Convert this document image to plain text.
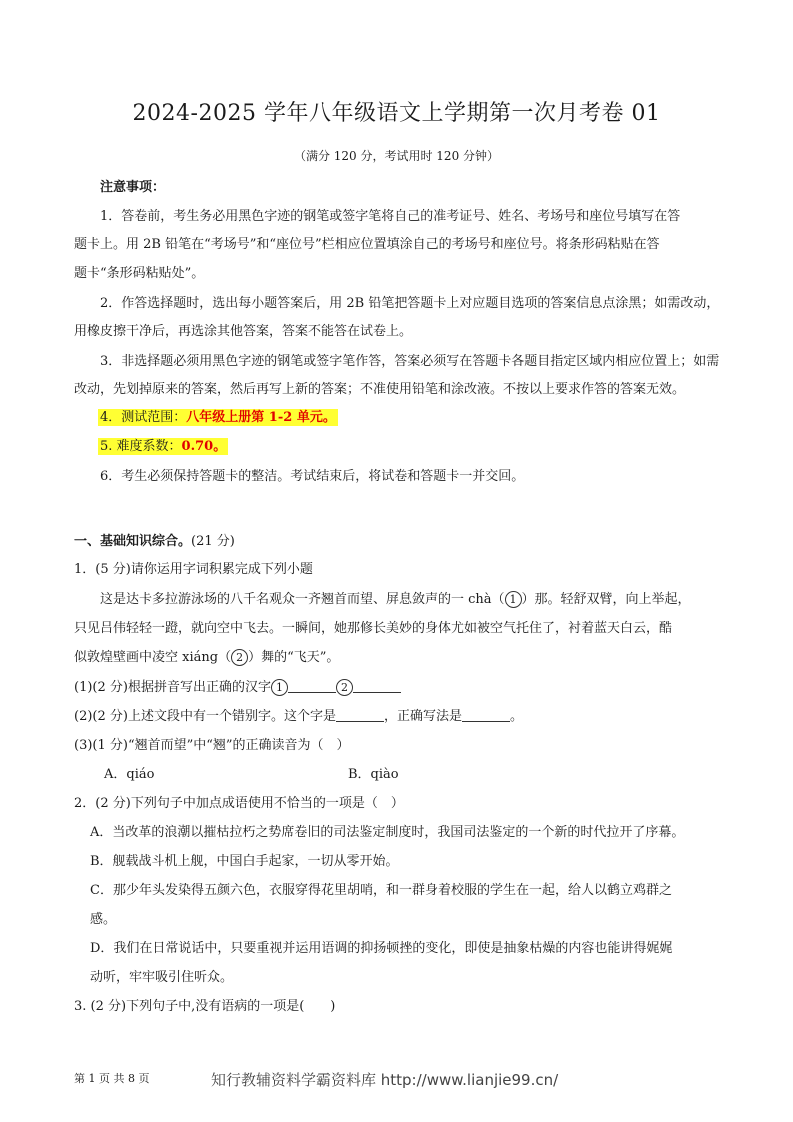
2024-2025 学年八年级语文上学期第一次月考卷 01
（满分 120 分，考试用时 120 分钟）
注意事项：
1．答卷前，考生务必用黑色字迹的钢笔或签字笔将自己的准考证号、姓名、考场号和座位号填写在答
题卡上。用 2B 铅笔在“考场号”和“座位号”栏相应位置填涂自己的考场号和座位号。将条形码粘贴在答
题卡“条形码粘贴处”。
2．作答选择题时，选出每小题答案后，用 2B 铅笔把答题卡上对应题目选项的答案信息点涂黑；如需改动，
用橡皮擦干净后，再选涂其他答案，答案不能答在试卷上。
3．非选择题必须用黑色字迹的钢笔或签字笔作答，答案必须写在答题卡各题目指定区域内相应位置上；如需
改动，先划掉原来的答案，然后再写上新的答案；不准使用铅笔和涂改液。不按以上要求作答的答案无效。
4．测试范围：八年级上册第 1-2 单元。
5. 难度系数：0.70。
6．考生必须保持答题卡的整洁。考试结束后，将试卷和答题卡一并交回。
一、基础知识综合。(21 分)
1．(5 分)请你运用字词积累完成下列小题
这是达卡多拉游泳场的八千名观众一齐翘首而望、屏息敛声的一 chà（ 1 ）那。轻舒双臂，向上举起，
只见吕伟轻轻一蹬，就向空中飞去。一瞬间，她那修长美妙的身体尤如被空气托住了，衬着蓝天白云，酷
似敦煌壁画中凌空 xiáng（ 2 ）舞的“飞天”。
(1)(2 分)根据拼音写出正确的汉字 1	2
(2)(2 分)上述文段中有一个错别字。这个字是	，正确写法是	。
(3)(1 分)“翘首而望”中“翘”的正确读音为（　）
A．qiáo	B．qiào
2．(2 分)下列句子中加点成语使用不恰当的一项是（　）
A．当改革的浪潮以摧枯拉朽之势席卷旧的司法鉴定制度时，我国司法鉴定的一个新的时代拉开了序幕。
B．舰载战斗机上舰，中国白手起家，一切从零开始。
C．那少年头发染得五颜六色，衣服穿得花里胡哨，和一群身着校服的学生在一起，给人以鹤立鸡群之
感。
D．我们在日常说话中，只要重视并运用语调的抑扬顿挫的变化，即使是抽象枯燥的内容也能讲得娓娓
动听，牢牢吸引住听众。
3. (2 分)下列句子中,没有语病的一项是(　　)
第 1 页 共 8 页	知行教辅资料学霸资料库 http://www.lianjie99.cn/
